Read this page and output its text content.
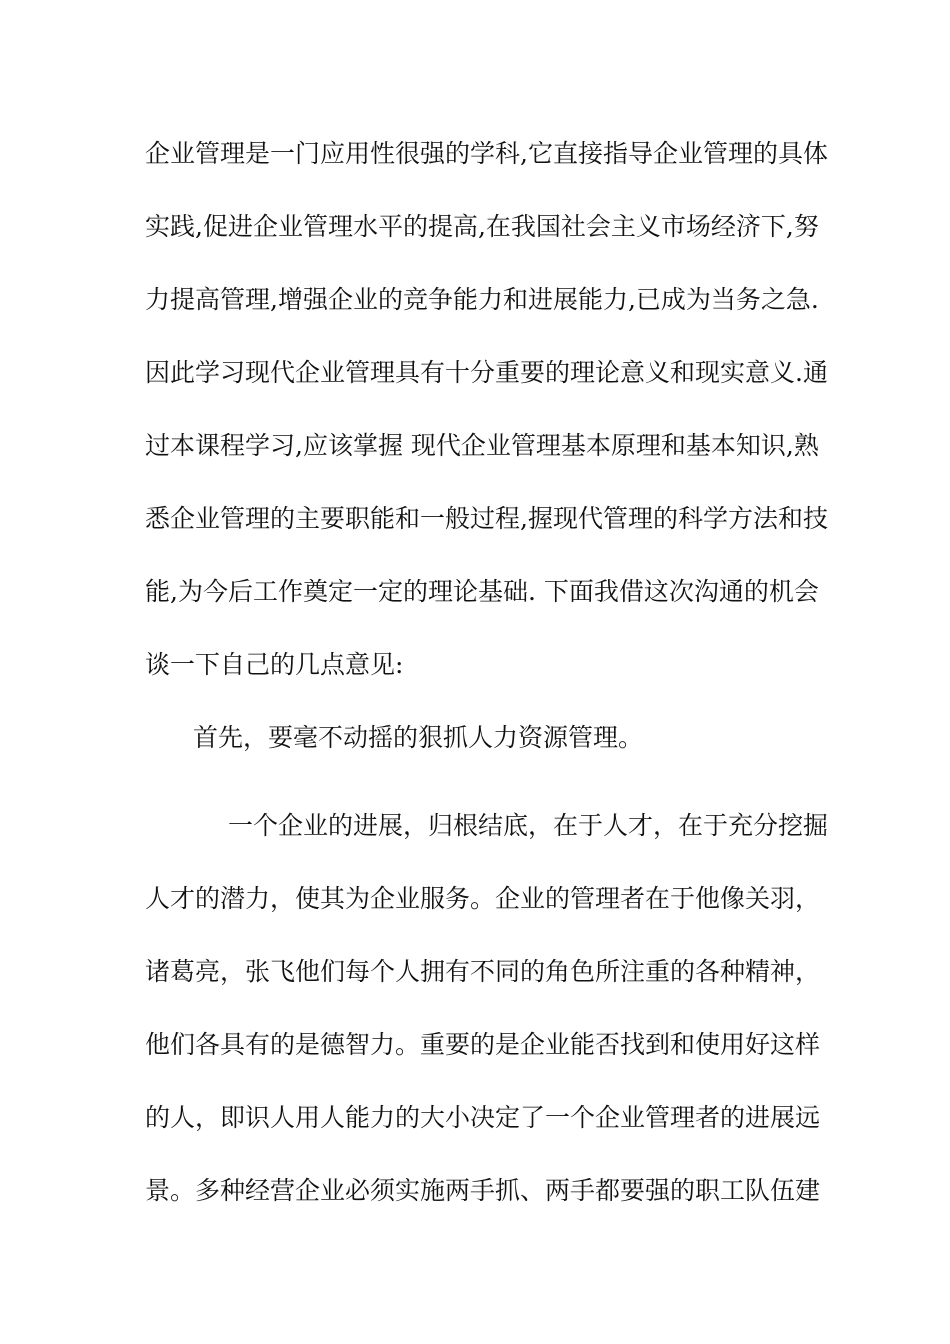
企业管理是一门应用性很强的学科,它直接指导企业管理的具体
实践,促进企业管理水平的提高,在我国社会主义市场经济下,努
力提高管理,增强企业的竞争能力和进展能力,已成为当务之急.
因此学习现代企业管理具有十分重要的理论意义和现实意义.通
过本课程学习,应该掌握 现代企业管理基本原理和基本知识,熟
悉企业管理的主要职能和一般过程,握现代管理的科学方法和技
能,为今后工作奠定一定的理论基础. 下面我借这次沟通的机会
谈一下自己的几点意见:
首先，要毫不动摇的狠抓人力资源管理。
一个企业的进展，归根结底，在于人才，在于充分挖掘
人才的潜力，使其为企业服务。企业的管理者在于他像关羽，
诸葛亮，张飞他们每个人拥有不同的角色所注重的各种精神，
他们各具有的是德智力。重要的是企业能否找到和使用好这样
的人，即识人用人能力的大小决定了一个企业管理者的进展远
景。多种经营企业必须实施两手抓、两手都要强的职工队伍建
